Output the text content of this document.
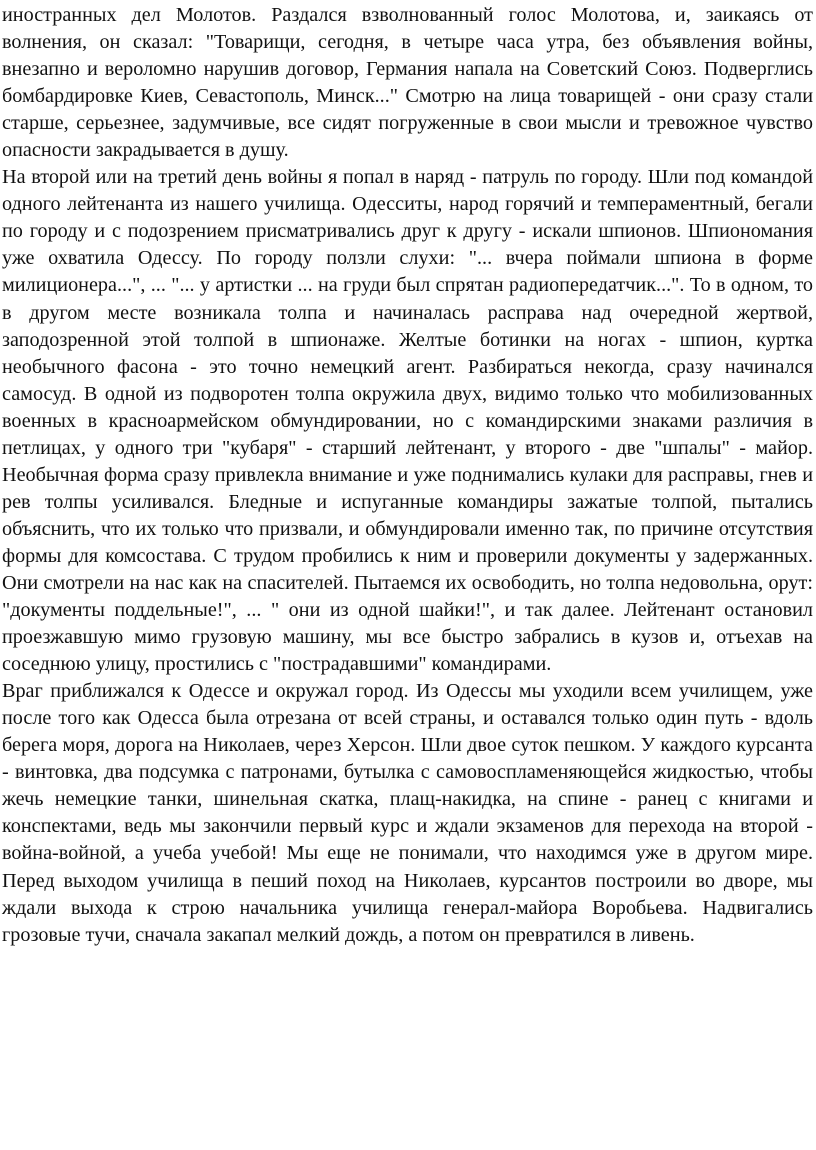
иностранных дел Молотов. Раздался взволнованный голос Молотова, и, заикаясь от волнения, он сказал: "Товарищи, сегодня, в четыре часа утра, без объявления войны, внезапно и вероломно нарушив договор, Германия напала на Советский Союз. Подверглись бомбардировке Киев, Севастополь, Минск..." Смотрю на лица товарищей - они сразу стали старше, серьезнее, задумчивые, все сидят погруженные в свои мысли и тревожное чувство опасности закрадывается в душу.

На второй или на третий день войны я попал в наряд - патруль по городу. Шли под командой одного лейтенанта из нашего училища. Одесситы, народ горячий и темпераментный, бегали по городу и с подозрением присматривались друг к другу - искали шпионов. Шпиономания уже охватила Одессу. По городу ползли слухи: "... вчера поймали шпиона в форме милиционера...", ... "... у артистки ... на груди был спрятан радиопередатчик...". То в одном, то в другом месте возникала толпа и начиналась расправа над очередной жертвой, заподозренной этой толпой в шпионаже. Желтые ботинки на ногах - шпион, куртка необычного фасона - это точно немецкий агент. Разбираться некогда, сразу начинался самосуд. В одной из подворотен толпа окружила двух, видимо только что мобилизованных военных в красноармейском обмундировании, но с командирскими знаками различия в петлицах, у одного три "кубаря" - старший лейтенант, у второго - две "шпалы" - майор. Необычная форма сразу привлекла внимание и уже поднимались кулаки для расправы, гнев и рев толпы усиливался. Бледные и испуганные командиры зажатые толпой, пытались объяснить, что их только что призвали, и обмундировали именно так, по причине отсутствия формы для комсостава. С трудом пробились к ним и проверили документы у задержанных. Они смотрели на нас как на спасителей. Пытаемся их освободить, но толпа недовольна, орут: "документы поддельные!", ... " они из одной шайки!", и так далее. Лейтенант остановил проезжавшую мимо грузовую машину, мы все быстро забрались в кузов и, отъехав на соседнюю улицу, простились с "пострадавшими" командирами.

Враг приближался к Одессе и окружал город. Из Одессы мы уходили всем училищем, уже после того как Одесса была отрезана от всей страны, и оставался только один путь - вдоль берега моря, дорога на Николаев, через Херсон. Шли двое суток пешком. У каждого курсанта - винтовка, два подсумка с патронами, бутылка с самовоспламеняющейся жидкостью, чтобы жечь немецкие танки, шинельная скатка, плащ-накидка, на спине - ранец с книгами и конспектами, ведь мы закончили первый курс и ждали экзаменов для перехода на второй - война-войной, а учеба учебой! Мы еще не понимали, что находимся уже в другом мире. Перед выходом училища в пеший поход на Николаев, курсантов построили во дворе, мы ждали выхода к строю начальника училища генерал-майора Воробьева. Надвигались грозовые тучи, сначала закапал мелкий дождь, а потом он превратился в ливень.
